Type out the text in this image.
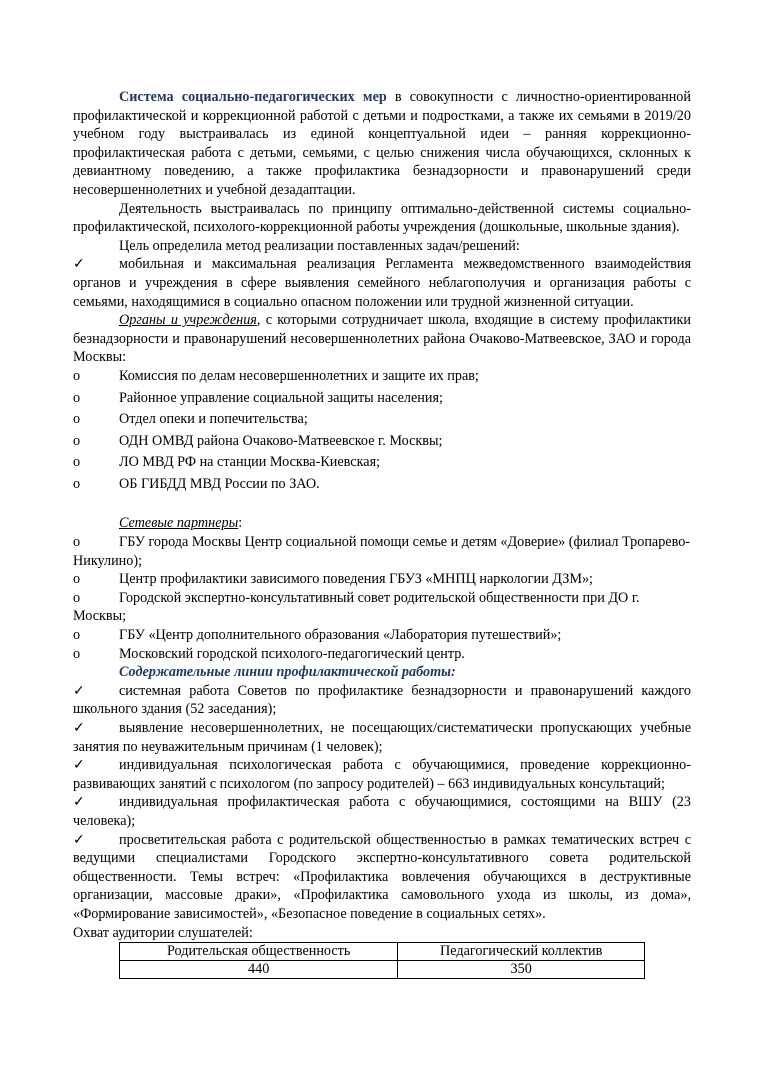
Система социально-педагогических мер в совокупности с личностно-ориентированной профилактической и коррекционной работой с детьми и подростками, а также их семьями в 2019/20 учебном году выстраивалась из единой концептуальной идеи – ранняя коррекционно-профилактическая работа с детьми, семьями, с целью снижения числа обучающихся, склонных к девиантному поведению, а также профилактика безнадзорности и правонарушений среди несовершеннолетних и учебной дезадаптации.

Деятельность выстраивалась по принципу оптимально-действенной системы социально-профилактической, психолого-коррекционной работы учреждения (дошкольные, школьные здания).

Цель определила метод реализации поставленных задач/решений:

✓ мобильная и максимальная реализация Регламента межведомственного взаимодействия органов и учреждения в сфере выявления семейного неблагополучия и организация работы с семьями, находящимися в социально опасном положении или трудной жизненной ситуации.

Органы и учреждения, с которыми сотрудничает школа, входящие в систему профилактики безнадзорности и правонарушений несовершеннолетних района Очаково-Матвеевское, ЗАО и города Москвы:

o	Комиссия по делам несовершеннолетних и защите их прав;

o	Районное управление социальной защиты населения;

o	Отдел опеки и попечительства;

o	ОДН ОМВД района Очаково-Матвеевское г. Москвы;

o	ЛО МВД РФ на станции Москва-Киевская;

o	ОБ ГИБДД МВД России по ЗАО.

Сетевые партнеры:

o	ГБУ города Москвы Центр социальной помощи семье и детям «Доверие» (филиал Тропарево-Никулино);

o	Центр профилактики зависимого поведения ГБУЗ «МНПЦ наркологии ДЗМ»;

o	Городской экспертно-консультативный совет родительской общественности при ДО г. Москвы;

o	ГБУ «Центр дополнительного образования «Лаборатория путешествий»;

o	Московский городской психолого-педагогический центр.

Содержательные линии профилактической работы:

✓ системная работа Советов по профилактике безнадзорности и правонарушений каждого школьного здания (52 заседания);

✓ выявление несовершеннолетних, не посещающих/систематически пропускающих учебные занятия по неуважительным причинам (1 человек);

✓ индивидуальная психологическая работа с обучающимися, проведение коррекционно-развивающих занятий с психологом (по запросу родителей) – 663 индивидуальных консультаций;

✓ индивидуальная профилактическая работа с обучающимися, состоящими на ВШУ (23 человека);

✓ просветительская работа с родительской общественностью в рамках тематических встреч с ведущими специалистами Городского экспертно-консультативного совета родительской общественности. Темы встреч: «Профилактика вовлечения обучающихся в деструктивные организации, массовые драки», «Профилактика самовольного ухода из школы, из дома», «Формирование зависимостей», «Безопасное поведение в социальных сетях».

Охват аудитории слушателей:

Родительская общественность	Педагогический коллектив
440	350
